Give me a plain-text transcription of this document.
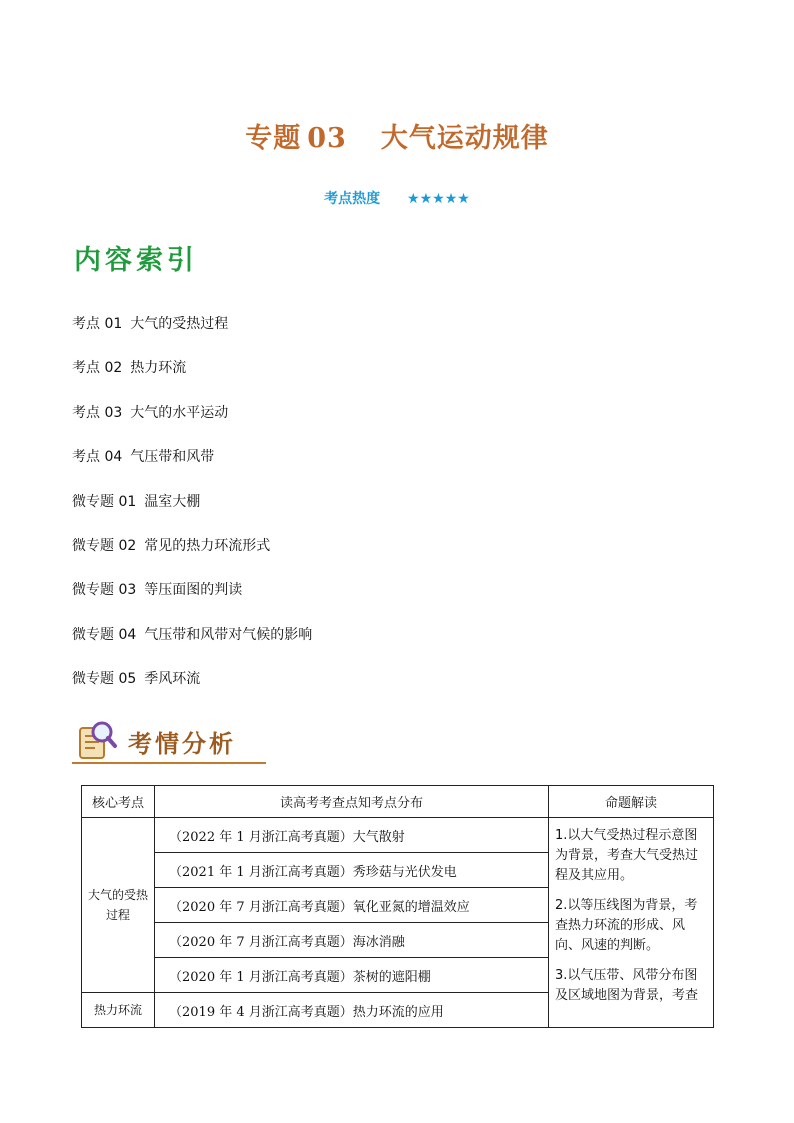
专题 03 大气运动规律
考点热度 ★★★★★
内容索引
考点 01 大气的受热过程
考点 02 热力环流
考点 03 大气的水平运动
考点 04 气压带和风带
微专题 01 温室大棚
微专题 02 常见的热力环流形式
微专题 03 等压面图的判读
微专题 04 气压带和风带对气候的影响
微专题 05 季风环流
考情分析
核心考点	读高考考查点知考点分布	命题解读
大气的受热过程	（2022 年 1 月浙江高考真题）大气散射	1.以大气受热过程示意图为背景，考查大气受热过程及其应用。

2.以等压线图为背景，考查热力环流的形成、风向、风速的判断。

3.以气压带、风带分布图及区域地图为背景，考查

	（2021 年 1 月浙江高考真题）秀珍菇与光伏发电	
	（2020 年 7 月浙江高考真题）氧化亚氮的增温效应	
	（2020 年 7 月浙江高考真题）海冰消融	
	（2020 年 1 月浙江高考真题）茶树的遮阳棚	
热力环流	（2019 年 4 月浙江高考真题）热力环流的应用	
